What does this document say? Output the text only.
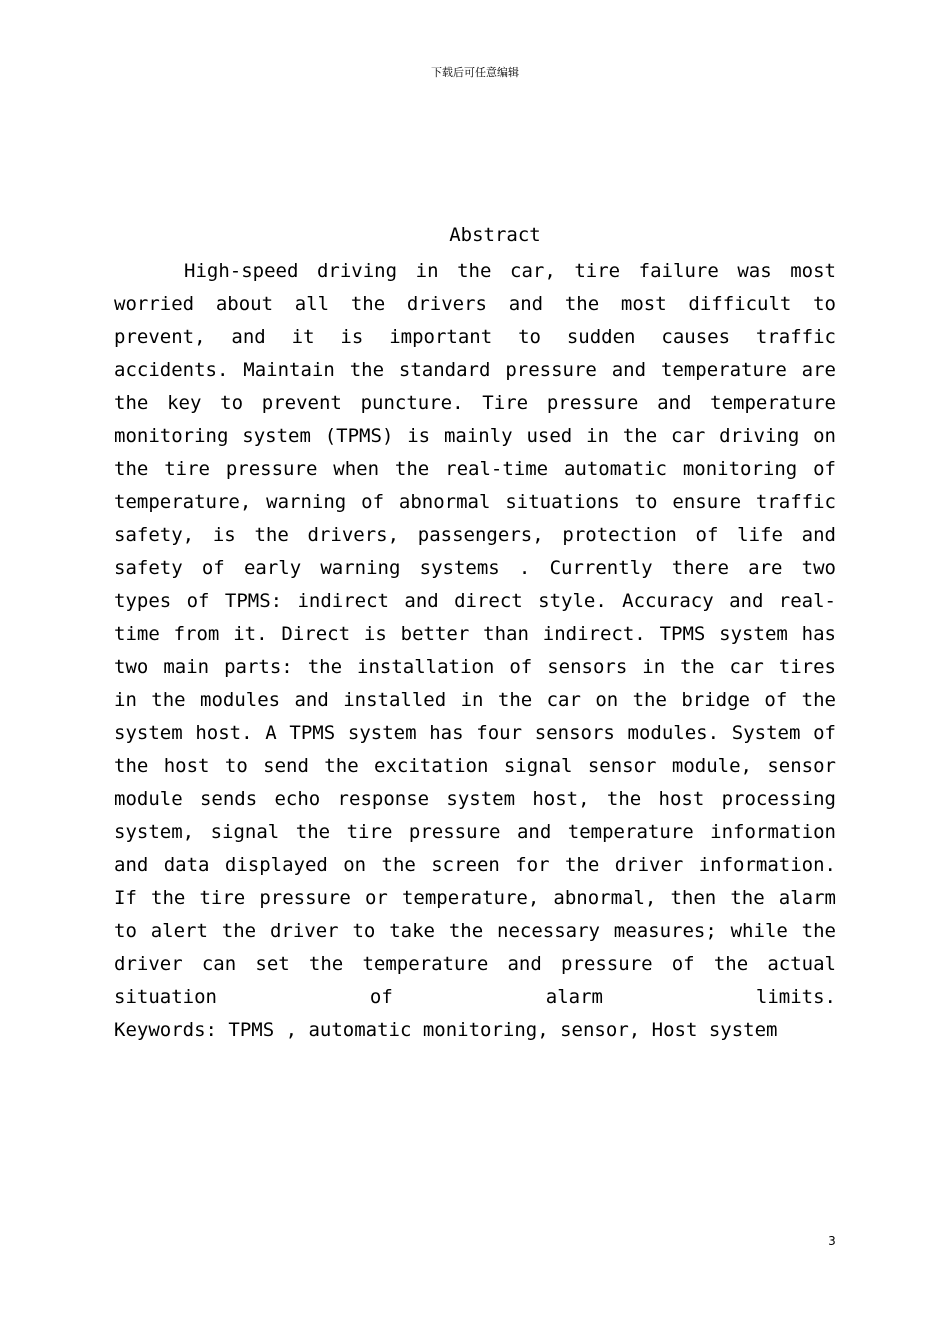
下载后可任意编辑
Abstract
High-speed driving in the car, tire failure was most
worried about all the drivers and the most difficult to
prevent, and it is important to sudden causes traffic
accidents. Maintain the standard pressure and temperature are
the key to prevent puncture. Tire pressure and temperature
monitoring system (TPMS) is mainly used in the car driving on
the tire pressure when the real-time automatic monitoring of
temperature, warning of abnormal situations to ensure traffic
safety, is the drivers, passengers, protection of life and
safety of early warning systems . Currently there are two
types of TPMS: indirect and direct style. Accuracy and real-
time from it. Direct is better than indirect. TPMS system has
two main parts: the installation of sensors in the car tires
in the modules and installed in the car on the bridge of the
system host. A TPMS system has four sensors modules. System of
the host to send the excitation signal sensor module, sensor
module sends echo response system host, the host processing
system, signal the tire pressure and temperature information
and data displayed on the screen for the driver information.
If the tire pressure or temperature, abnormal, then the alarm
to alert the driver to take the necessary measures; while the
driver can set the temperature and pressure of the actual
situation of alarm limits.
Keywords: TPMS , automatic monitoring, sensor, Host system
3
